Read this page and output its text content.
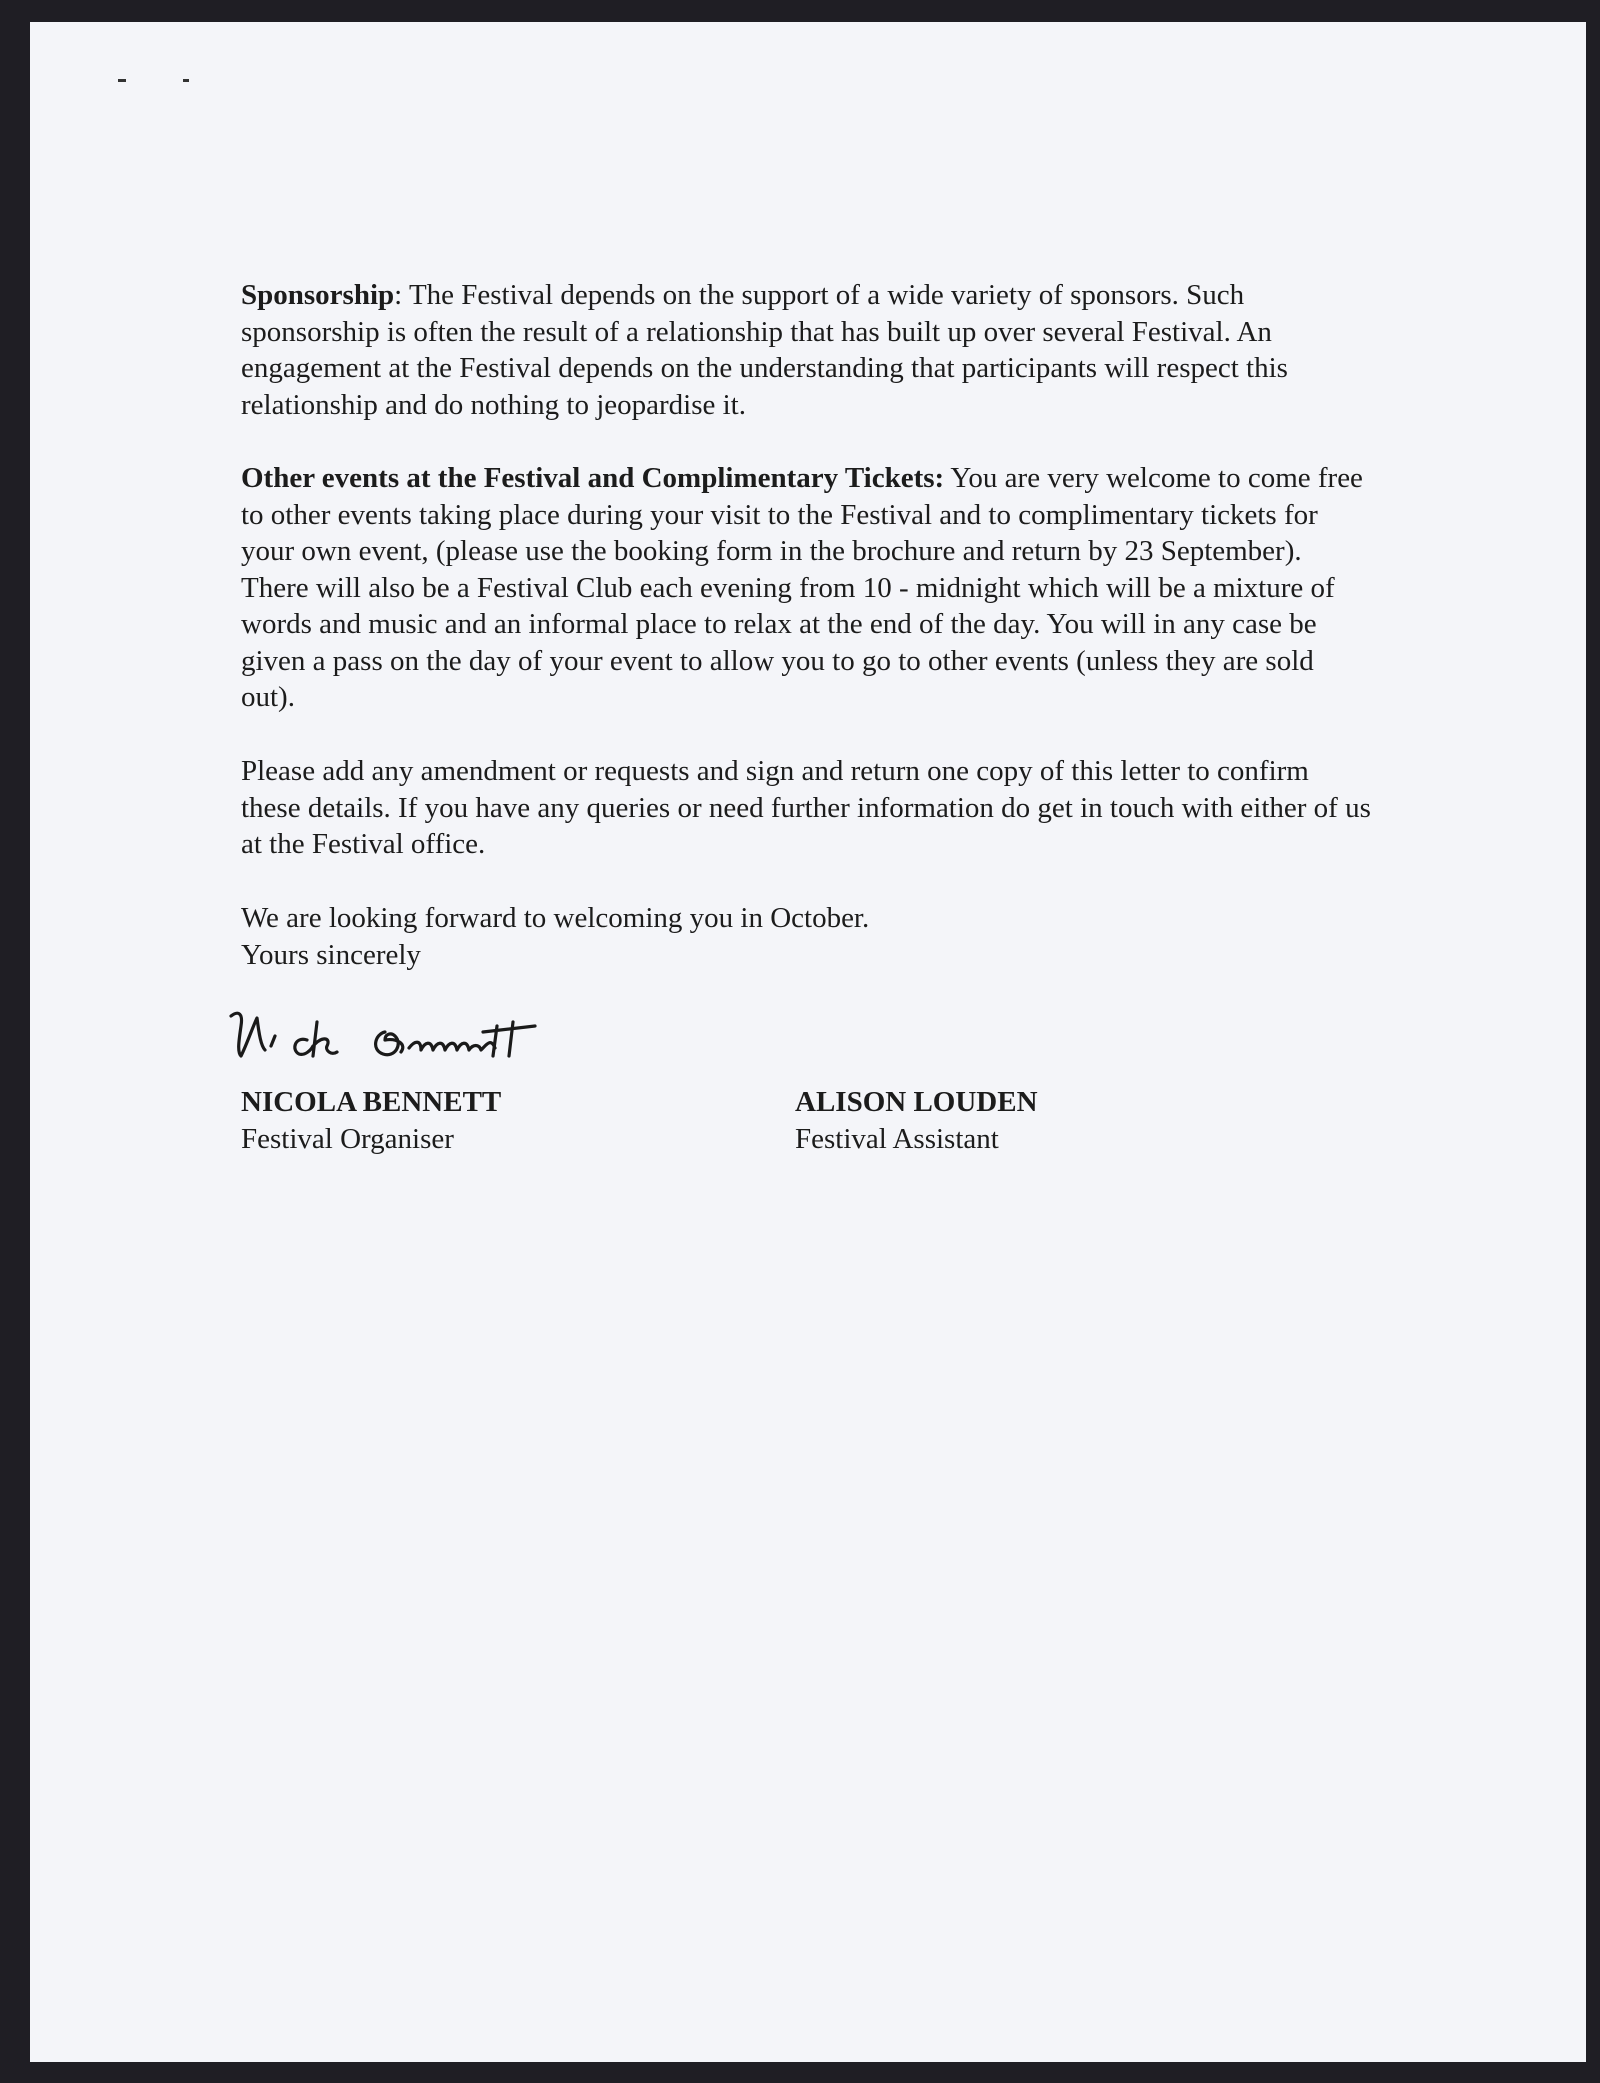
Sponsorship: The Festival depends on the support of a wide variety of sponsors. Such sponsorship is often the result of a relationship that has built up over several Festival. An engagement at the Festival depends on the understanding that participants will respect this relationship and do nothing to jeopardise it.

Other events at the Festival and Complimentary Tickets: You are very welcome to come free to other events taking place during your visit to the Festival and to complimentary tickets for your own event, (please use the booking form in the brochure and return by 23 September). There will also be a Festival Club each evening from 10 - midnight which will be a mixture of words and music and an informal place to relax at the end of the day. You will in any case be given a pass on the day of your event to allow you to go to other events (unless they are sold out).

Please add any amendment or requests and sign and return one copy of this letter to confirm these details. If you have any queries or need further information do get in touch with either of us at the Festival office.

We are looking forward to welcoming you in October.
Yours sincerely

NICOLA BENNETT
Festival Organiser
ALISON LOUDEN
Festival Assistant
